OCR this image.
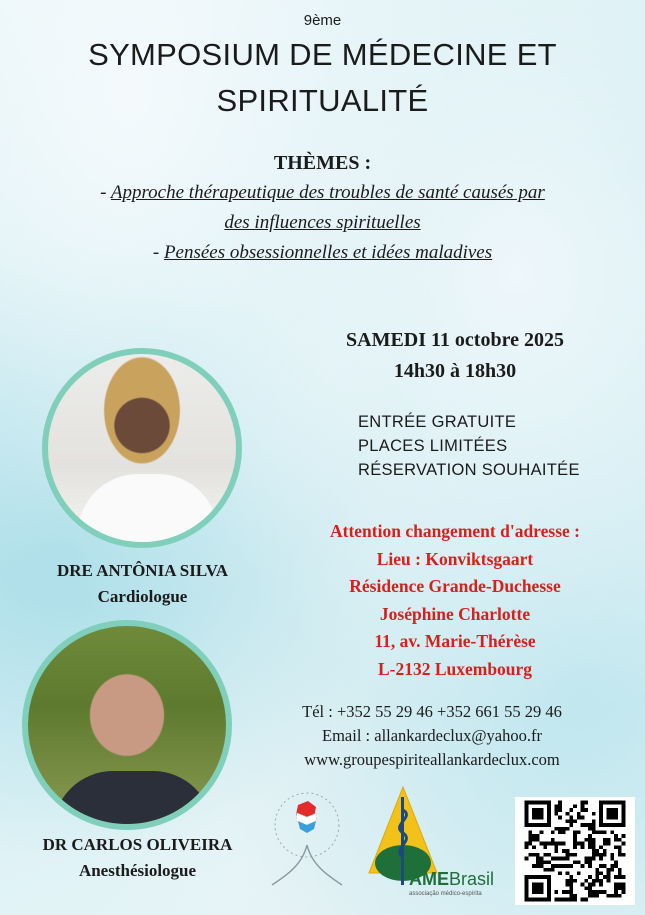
9ème
SYMPOSIUM DE MÉDECINE ET
SPIRITUALITÉ
THÈMES :
- Approche thérapeutique des troubles de santé causés par
des influences spirituelles
- Pensées obsessionnelles et idées maladives
SAMEDI 11 octobre 2025
14h30 à 18h30
ENTRÉE GRATUITE
PLACES LIMITÉES
RÉSERVATION SOUHAITÉE
Attention changement d'adresse :
Lieu : Konviktsgaart
Résidence Grande-Duchesse
Joséphine Charlotte
11, av. Marie-Thérèse
L-2132 Luxembourg
Tél : +352 55 29 46 +352 661 55 29 46
Email : allankardeclux@yahoo.fr
www.groupespiriteallankardeclux.com
DRE ANTÔNIA SILVA
Cardiologue
DR CARLOS OLIVEIRA
Anesthésiologue	AME Brasil
associação médico-espírita
